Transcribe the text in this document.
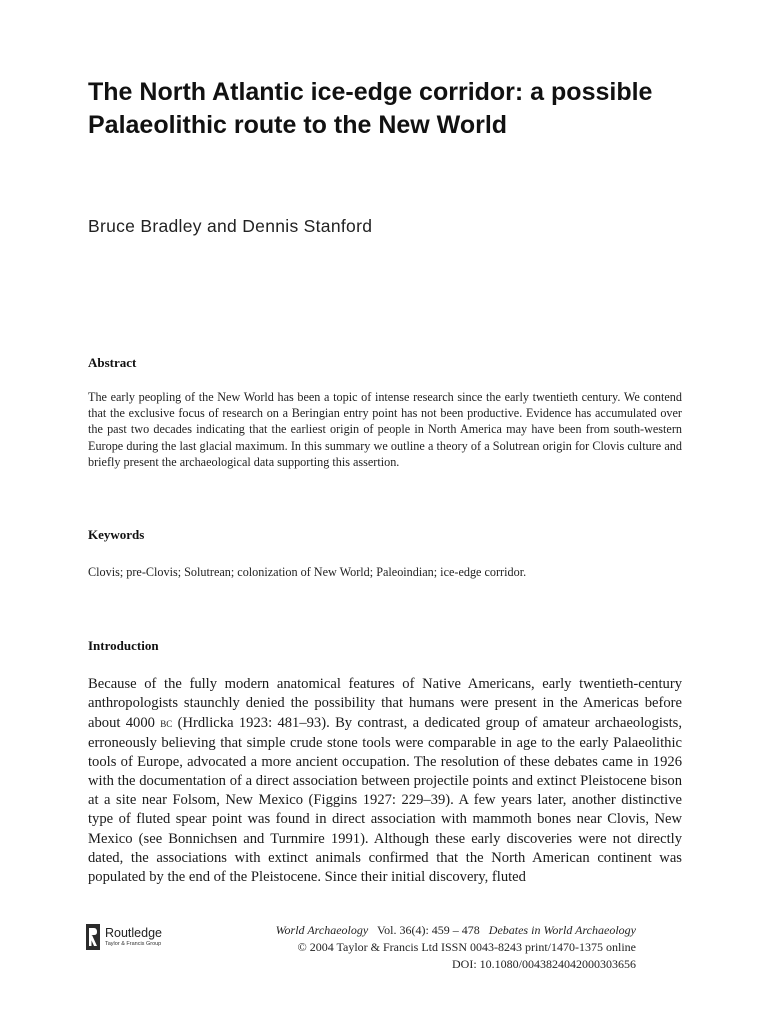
The North Atlantic ice-edge corridor: a possible Palaeolithic route to the New World

Bruce Bradley and Dennis Stanford

Abstract

The early peopling of the New World has been a topic of intense research since the early twentieth century. We contend that the exclusive focus of research on a Beringian entry point has not been productive. Evidence has accumulated over the past two decades indicating that the earliest origin of people in North America may have been from south-western Europe during the last glacial maximum. In this summary we outline a theory of a Solutrean origin for Clovis culture and briefly present the archaeological data supporting this assertion.

Keywords

Clovis; pre-Clovis; Solutrean; colonization of New World; Paleoindian; ice-edge corridor.

Introduction

Because of the fully modern anatomical features of Native Americans, early twentieth-century anthropologists staunchly denied the possibility that humans were present in the Americas before about 4000 bc (Hrdlicka 1923: 481–93). By contrast, a dedicated group of amateur archaeologists, erroneously believing that simple crude stone tools were comparable in age to the early Palaeolithic tools of Europe, advocated a more ancient occupation. The resolution of these debates came in 1926 with the documentation of a direct association between projectile points and extinct Pleistocene bison at a site near Folsom, New Mexico (Figgins 1927: 229–39). A few years later, another distinctive type of fluted spear point was found in direct association with mammoth bones near Clovis, New Mexico (see Bonnichsen and Turnmire 1991). Although these early discoveries were not directly dated, the associations with extinct animals confirmed that the North American continent was populated by the end of the Pleistocene. Since their initial discovery, fluted

Routledge
Taylor & Francis Group
World Archaeology Vol. 36(4): 459 – 478 Debates in World Archaeology
© 2004 Taylor & Francis Ltd ISSN 0043-8243 print/1470-1375 online
DOI: 10.1080/0043824042000303656
